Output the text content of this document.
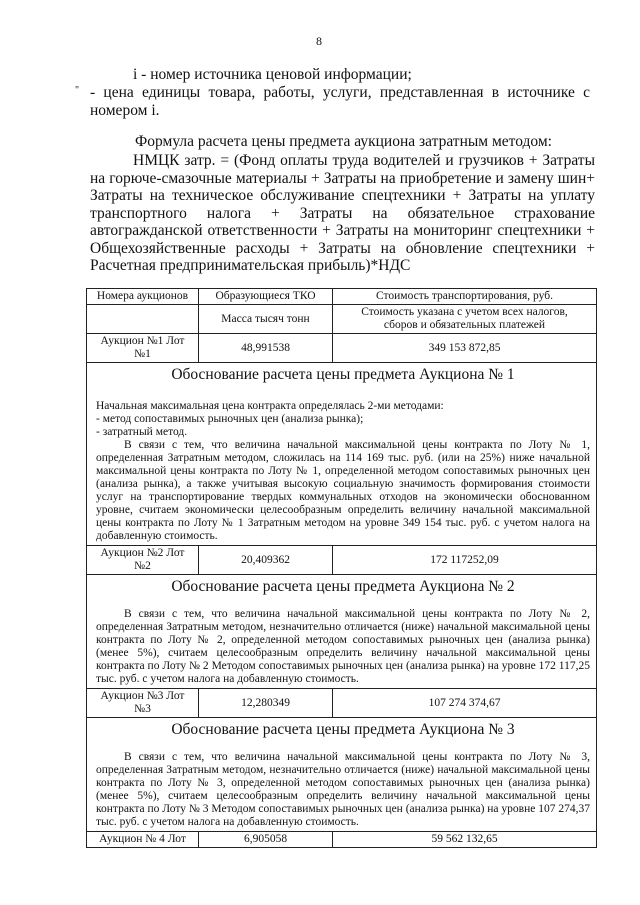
8
"
i - номер источника ценовой информации;
- цена единицы товара, работы, услуги, представленная в источнике с номером i.
Формула расчета цены предмета аукциона затратным методом:
НМЦК затр. = (Фонд оплаты труда водителей и грузчиков + Затраты на горюче-смазочные материалы + Затраты на приобретение и замену шин+ Затраты на техническое обслуживание спецтехники + Затраты на уплату транспортного налога + Затраты на обязательное страхование автогражданской ответственности + Затраты на мониторинг спецтехники + Общехозяйственные расходы + Затраты на обновление спецтехники + Расчетная предпринимательская прибыль)*НДС
Номера аукционов	Образующиеся ТКО	Стоимость транспортирования, руб.
	Масса тысяч тонн	Стоимость указана с учетом всех налогов,
сборов и обязательных платежей

Аукцион №1 Лот
№1	48,991538	349 153 872,85

Обоснование расчета цены предмета Аукциона № 1

Начальная максимальная цена контракта определялась 2-ми методами:

- метод сопоставимых рыночных цен (анализа рынка);

- затратный метод.

В связи с тем, что величина начальной максимальной цены контракта по Лоту № 1, определенная Затратным методом, сложилась на 114 169 тыс. руб. (или на 25%) ниже начальной максимальной цены контракта по Лоту № 1, определенной методом сопоставимых рыночных цен (анализа рынка), а также учитывая высокую социальную значимость формирования стоимости услуг на транспортирование твердых коммунальных отходов на экономически обоснованном уровне, считаем экономически целесообразным определить величину начальной максимальной цены контракта по Лоту № 1 Затратным методом на уровне 349 154 тыс. руб. с учетом налога на добавленную стоимость.		

Аукцион №2 Лот
№2	20,409362	172 117252,09

Обоснование расчета цены предмета Аукциона № 2

В связи с тем, что величина начальной максимальной цены контракта по Лоту № 2, определенная Затратным методом, незначительно отличается (ниже) начальной максимальной цены контракта по Лоту № 2, определенной методом сопоставимых рыночных цен (анализа рынка) (менее 5%), считаем целесообразным определить величину начальной максимальной цены контракта по Лоту № 2 Методом сопоставимых рыночных цен (анализа рынка) на уровне 172 117,25 тыс. руб. с учетом налога на добавленную стоимость.		

Аукцион №3 Лот
№3	12,280349	107 274 374,67

Обоснование расчета цены предмета Аукциона № 3

В связи с тем, что величина начальной максимальной цены контракта по Лоту № 3, определенная Затратным методом, незначительно отличается (ниже) начальной максимальной цены контракта по Лоту № 3, определенной методом сопоставимых рыночных цен (анализа рынка) (менее 5%), считаем целесообразным определить величину начальной максимальной цены контракта по Лоту № 3 Методом сопоставимых рыночных цен (анализа рынка) на уровне 107 274,37 тыс. руб. с учетом налога на добавленную стоимость.		

Аукцион № 4 Лот	6,905058	59 562 132,65
